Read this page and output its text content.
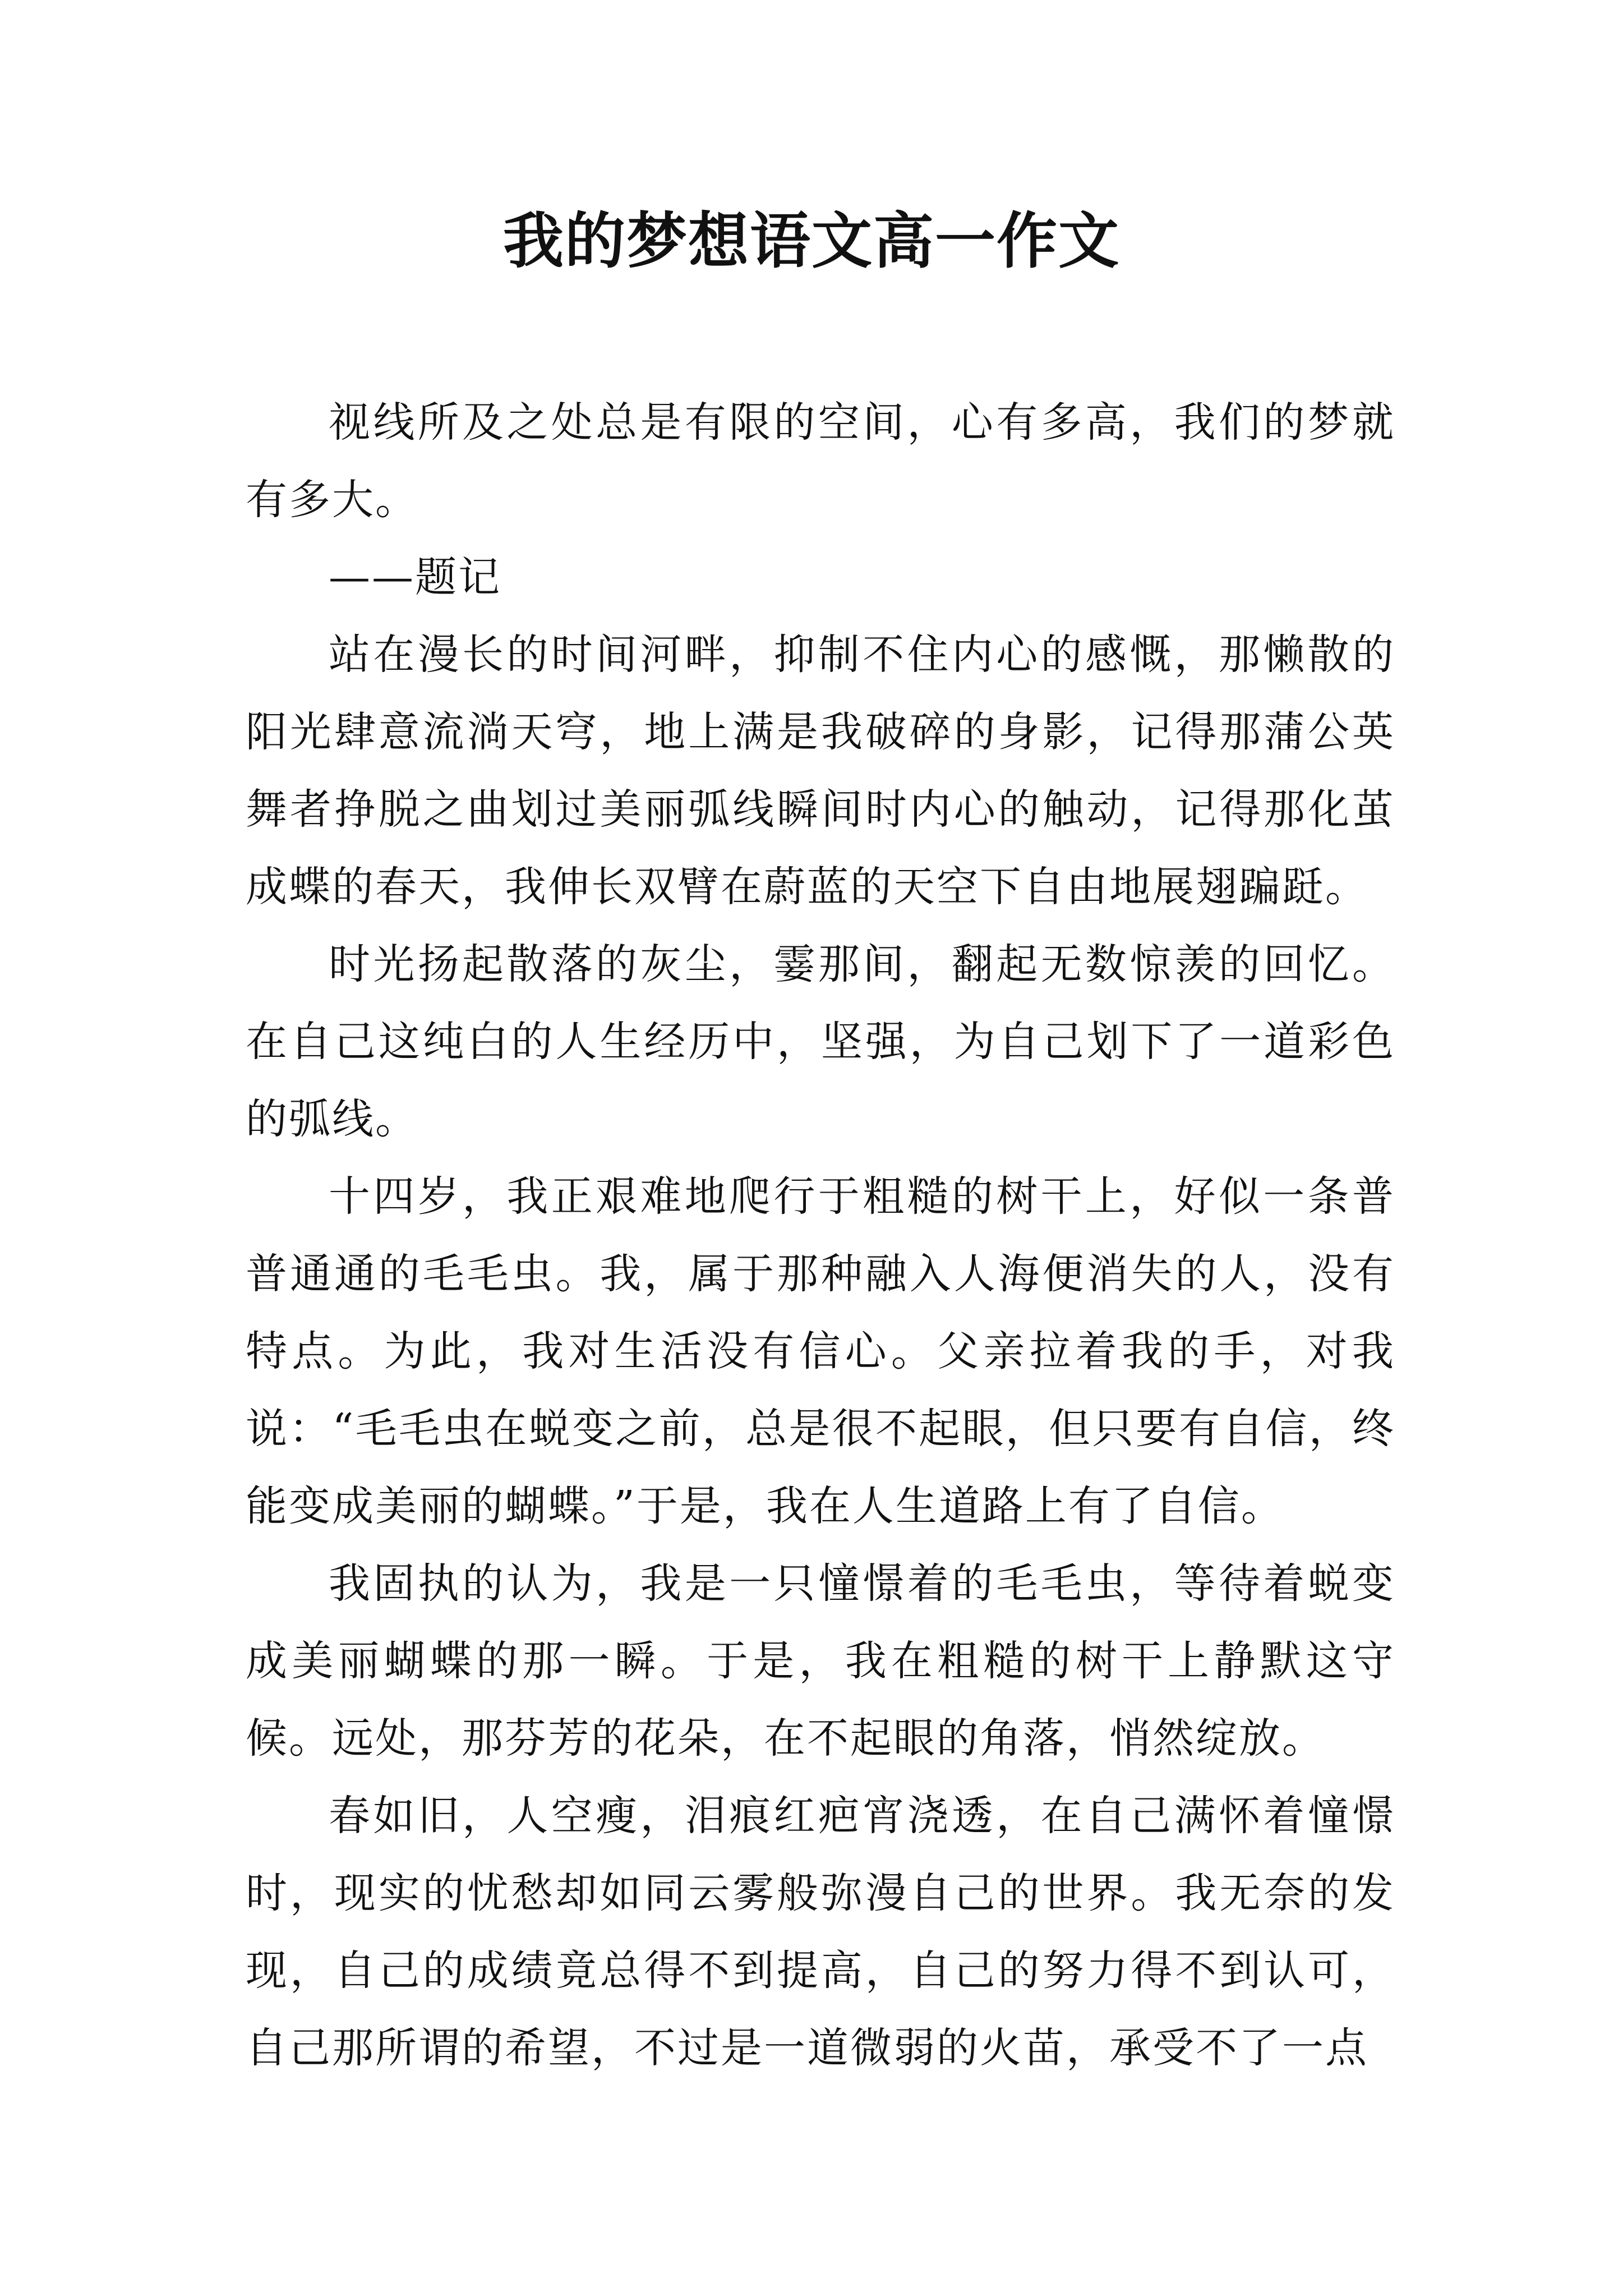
我的梦想语文高一作文

视线所及之处总是有限的空间，心有多高，我们的梦就有多大。

——题记

站在漫长的时间河畔，抑制不住内心的感慨，那懒散的阳光肆意流淌天穹，地上满是我破碎的身影，记得那蒲公英舞者挣脱之曲划过美丽弧线瞬间时内心的触动，记得那化茧成蝶的春天，我伸长双臂在蔚蓝的天空下自由地展翅蹁跹。

时光扬起散落的灰尘，霎那间，翻起无数惊羡的回忆。在自己这纯白的人生经历中，坚强，为自己划下了一道彩色的弧线。

十四岁，我正艰难地爬行于粗糙的树干上，好似一条普普通通的毛毛虫。我，属于那种融入人海便消失的人，没有特点。为此，我对生活没有信心。父亲拉着我的手，对我说：“毛毛虫在蜕变之前，总是很不起眼，但只要有自信，终能变成美丽的蝴蝶。”于是，我在人生道路上有了自信。

我固执的认为，我是一只憧憬着的毛毛虫，等待着蜕变成美丽蝴蝶的那一瞬。于是，我在粗糙的树干上静默这守候。远处，那芬芳的花朵，在不起眼的角落，悄然绽放。

春如旧，人空瘦，泪痕红疤宵浇透，在自己满怀着憧憬时，现实的忧愁却如同云雾般弥漫自己的世界。我无奈的发现，自己的成绩竟总得不到提高，自己的努力得不到认可，自己那所谓的希望，不过是一道微弱的火苗，承受不了一点
